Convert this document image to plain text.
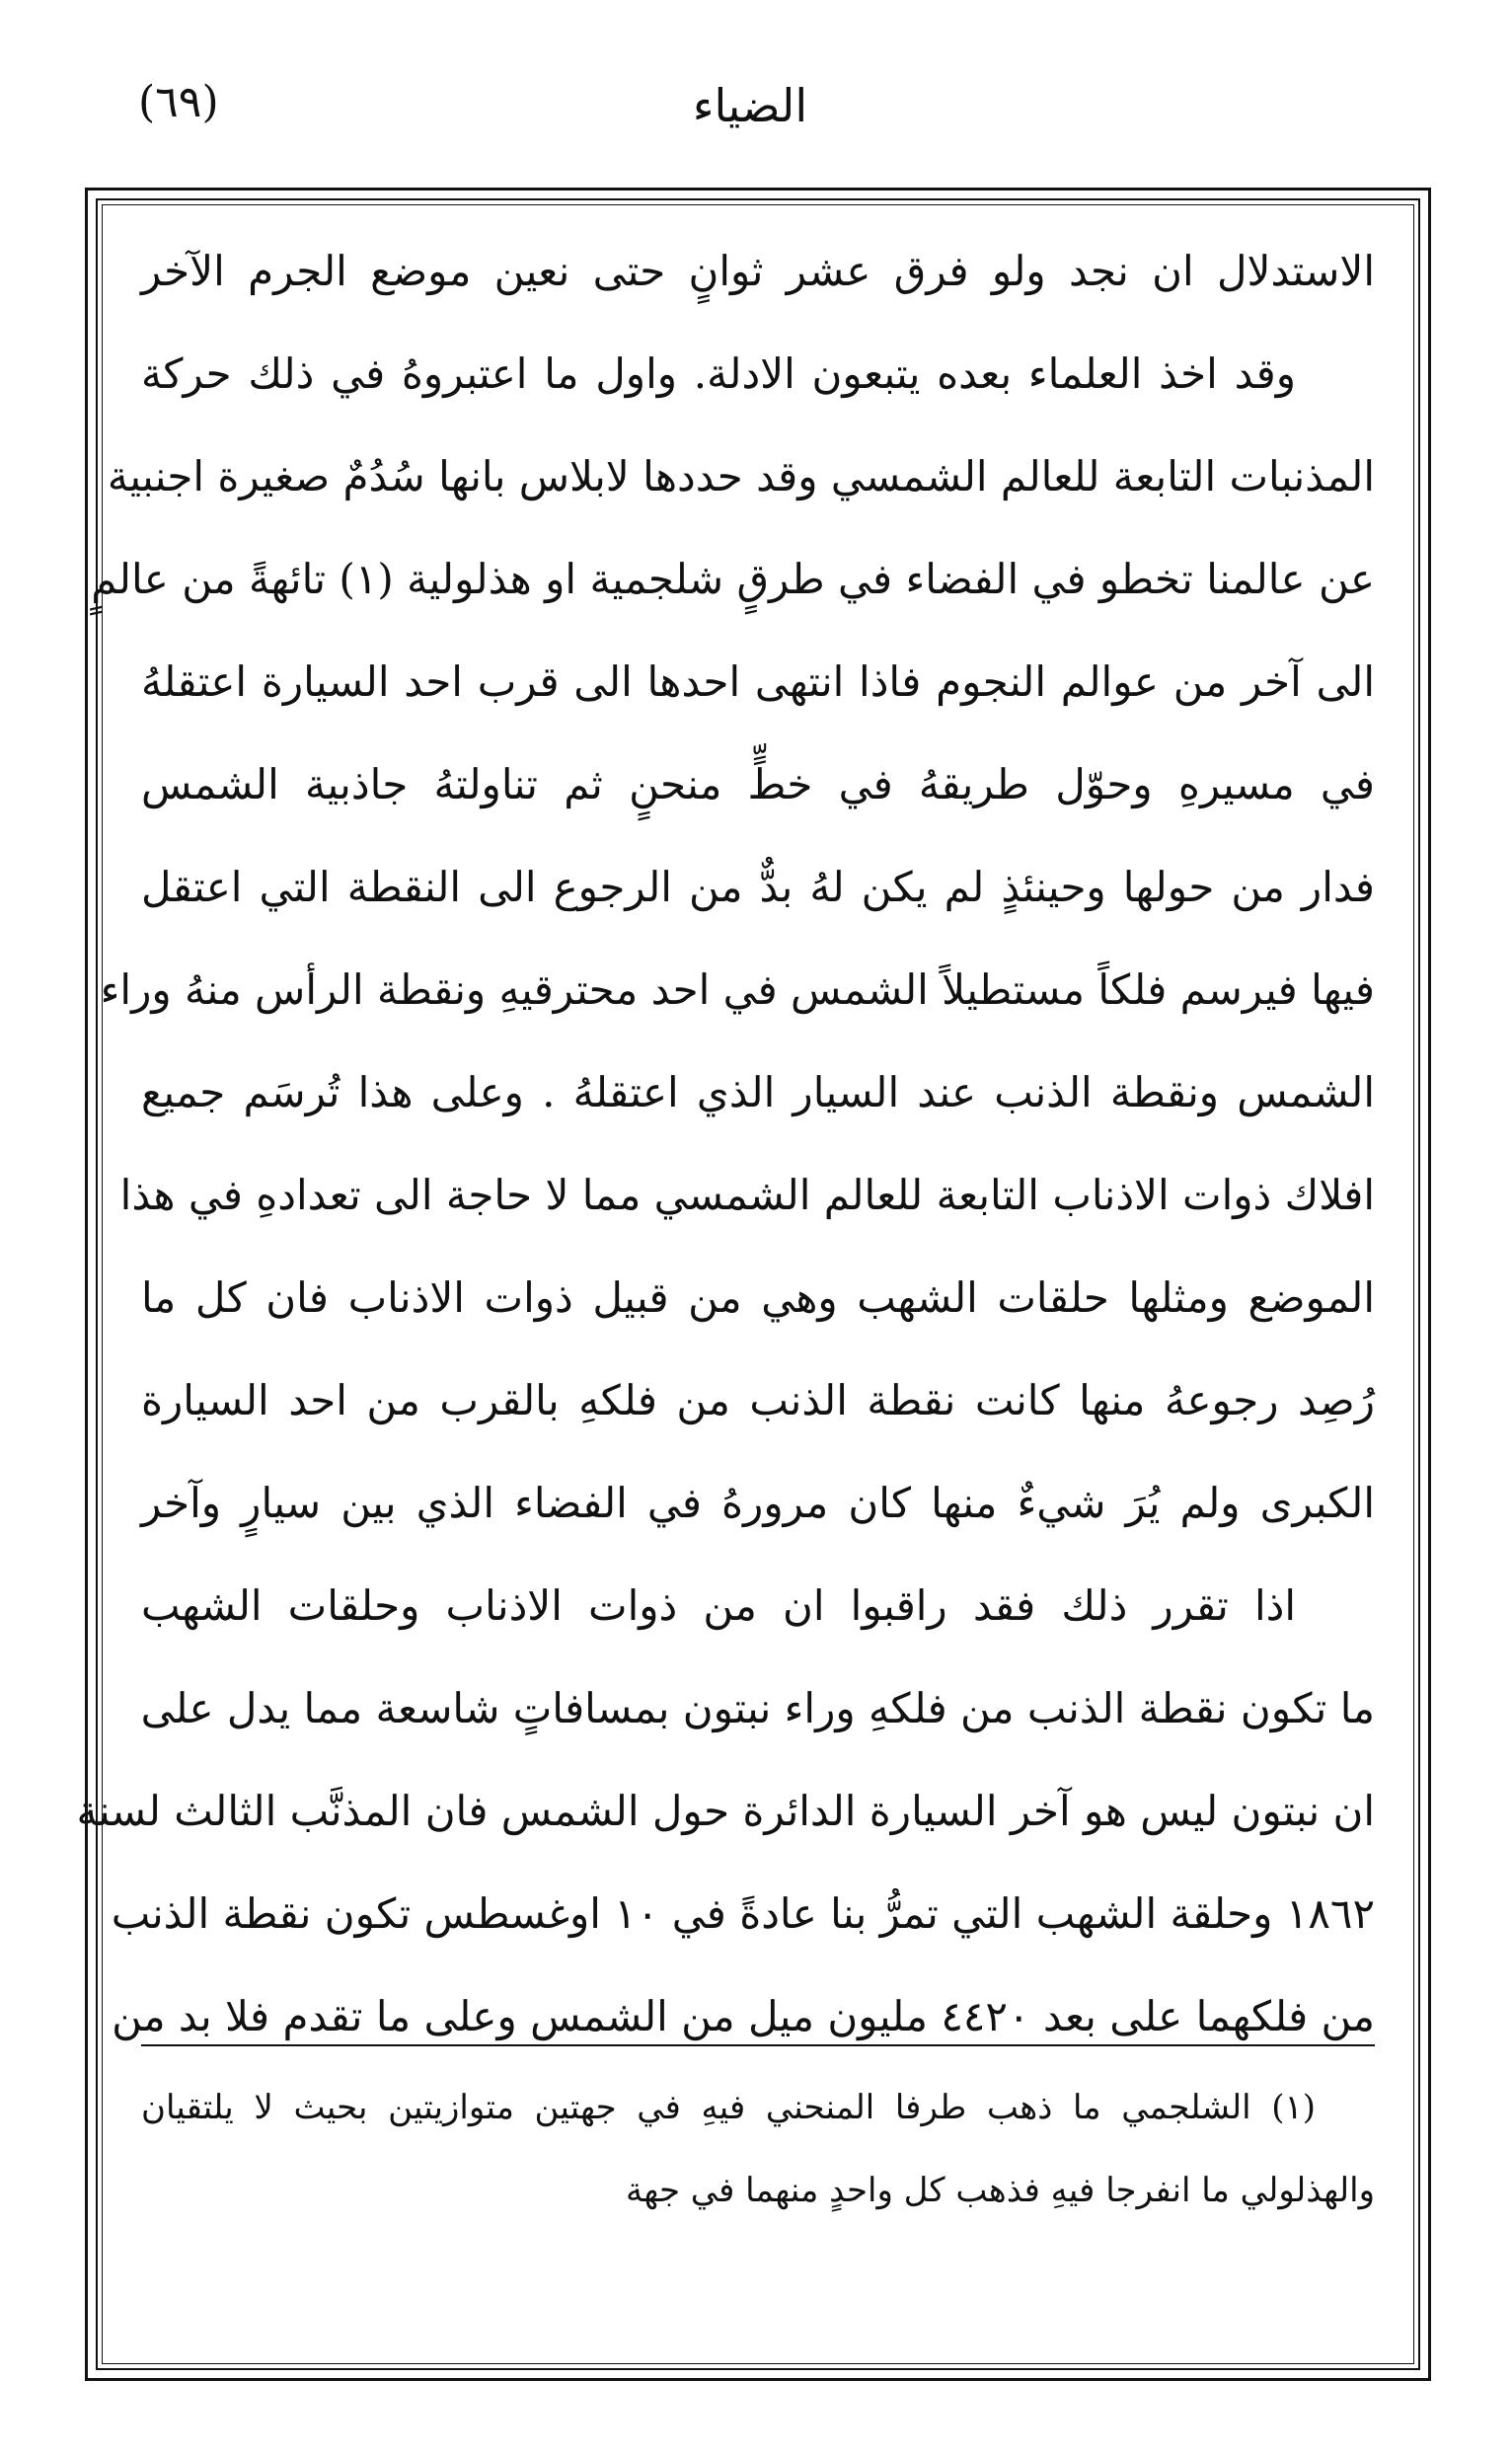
الضياء
(٦٩)
الاستدلال ان نجد ولو فرق عشر ثوانٍ حتى نعين موضع الجرم الآخر
وقد اخذ العلماء بعده يتبعون الادلة. واول ما اعتبروهُ في ذلك حركة
المذنبات التابعة للعالم الشمسي وقد حددها لابلاس بانها سُدُمٌ صغيرة اجنبية
عن عالمنا تخطو في الفضاء في طرقٍ شلجمية او هذلولية (١) تائهةً من عالمٍ
الى آخر من عوالم النجوم فاذا انتهى احدها الى قرب احد السيارة اعتقلهُ
في مسيرهِ وحوّل طريقهُ في خطٍّ منحنٍ ثم تناولتهُ جاذبية الشمس
فدار من حولها وحينئذٍ لم يكن لهُ بدٌّ من الرجوع الى النقطة التي اعتقل
فيها فيرسم فلكاً مستطيلاً الشمس في احد محترقيهِ ونقطة الرأس منهُ وراء
الشمس ونقطة الذنب عند السيار الذي اعتقلهُ . وعلى هذا تُرسَم جميع
افلاك ذوات الاذناب التابعة للعالم الشمسي مما لا حاجة الى تعدادهِ في هذا
الموضع ومثلها حلقات الشهب وهي من قبيل ذوات الاذناب فان كل ما
رُصِد رجوعهُ منها كانت نقطة الذنب من فلكهِ بالقرب من احد السيارة
الكبرى ولم يُرَ شيءٌ منها كان مرورهُ في الفضاء الذي بين سيارٍ وآخر
اذا تقرر ذلك فقد راقبوا ان من ذوات الاذناب وحلقات الشهب
ما تكون نقطة الذنب من فلكهِ وراء نبتون بمسافاتٍ شاسعة مما يدل على
ان نبتون ليس هو آخر السيارة الدائرة حول الشمس فان المذنَّب الثالث لسنة
١٨٦٢ وحلقة الشهب التي تمرُّ بنا عادةً في ١٠ اوغسطس تكون نقطة الذنب
من فلكهما على بعد ٤٤٢٠ مليون ميل من الشمس وعلى ما تقدم فلا بد من
(١) الشلجمي ما ذهب طرفا المنحني فيهِ في جهتين متوازيتين بحيث لا يلتقيان
والهذلولي ما انفرجا فيهِ فذهب كل واحدٍ منهما في جهة
